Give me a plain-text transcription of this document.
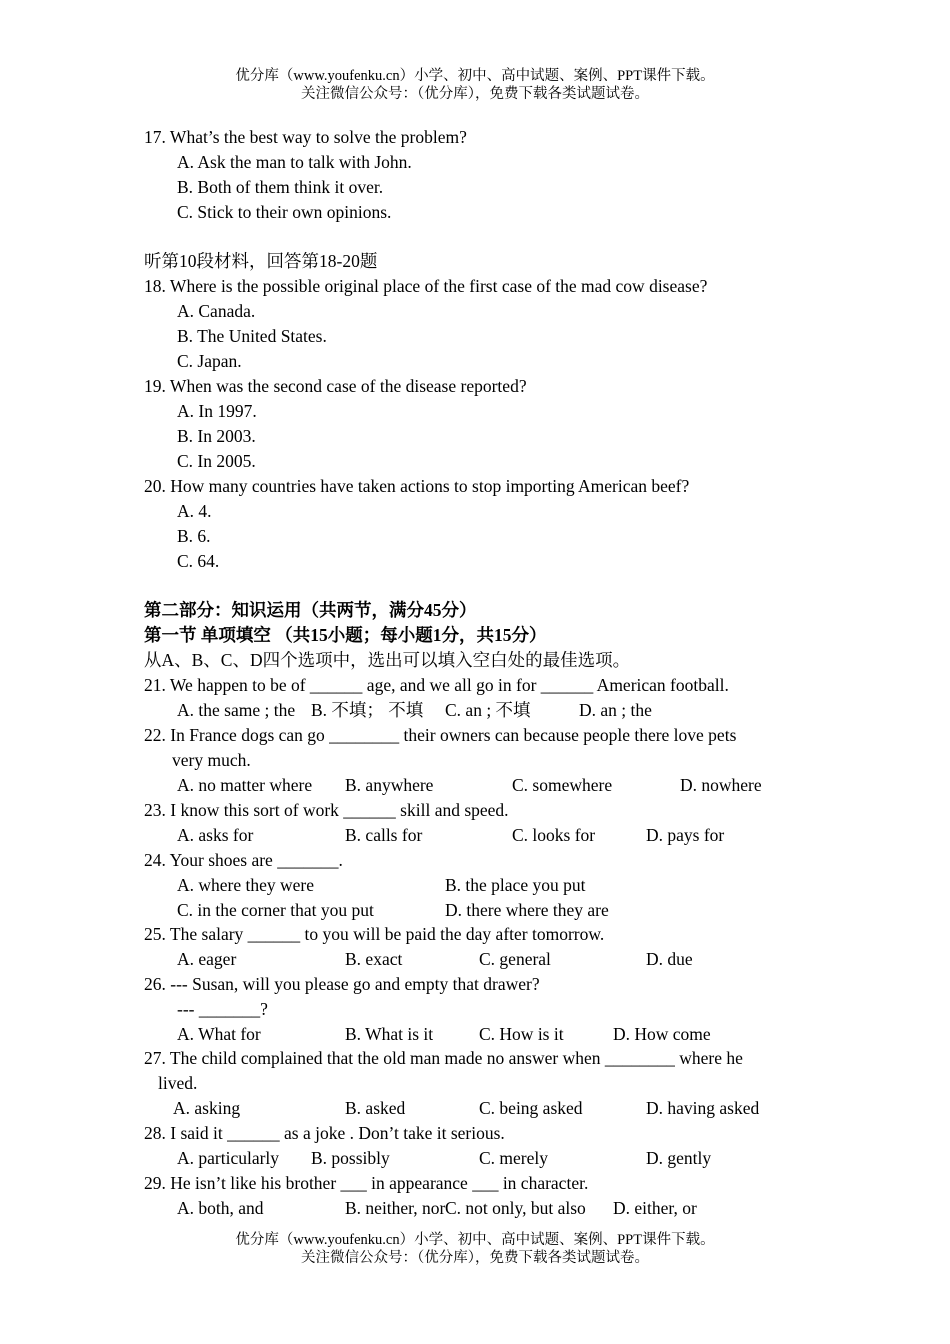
优分库（www.youfenku.cn）小学、初中、高中试题、案例、PPT课件下载。
关注微信公众号：（优分库），免费下载各类试题试卷。
17. What’s the best way to solve the problem?
A. Ask the man to talk with John.
B. Both of them think it over.
C. Stick to their own opinions.
听第10段材料，回答第18-20题
18. Where is the possible original place of the first case of the mad cow disease?
A. Canada.
B. The United States.
C. Japan.
19. When was the second case of the disease reported?
A. In 1997.
B. In 2003.
C. In 2005.
20. How many countries have taken actions to stop importing American beef?
A. 4.
B. 6.
C. 64.
第二部分：知识运用（共两节，满分45分）
第一节 单项填空 （共15小题；每小题1分，共15分）
从A、B、C、D四个选项中，选出可以填入空白处的最佳选项。
21. We happen to be of ______ age, and we all go in for ______ American football.
A. the same ; the B. 不填； 不填 C. an ; 不填	D. an ; the
22. In France dogs can go ________ their owners can because people there love pets
very much.
A. no matter where B. anywhere	C. somewhere	D. nowhere
23. I know this sort of work ______ skill and speed.
A. asks for	B. calls for	C. looks for	D. pays for
24. Your shoes are _______.
A. where they were	B. the place you put
C. in the corner that you put	D. there where they are
25. The salary ______ to you will be paid the day after tomorrow.
A. eager	B. exact	C. general	D. due
26. --- Susan, will you please go and empty that drawer?
--- _______?
A. What for	B. What is it	C. How is it	D. How come
27. The child complained that the old man made no answer when ________ where he
lived.
A. asking	B. asked	C. being asked	D. having asked
28. I said it ______ as a joke . Don’t take it serious.
A. particularly B. possibly	C. merely	D. gently
29. He isn’t like his brother ___ in appearance ___ in character.
A. both, and	B. neither, nor C. not only, but also D. either, or
优分库（www.youfenku.cn）小学、初中、高中试题、案例、PPT课件下载。
关注微信公众号：（优分库），免费下载各类试题试卷。
